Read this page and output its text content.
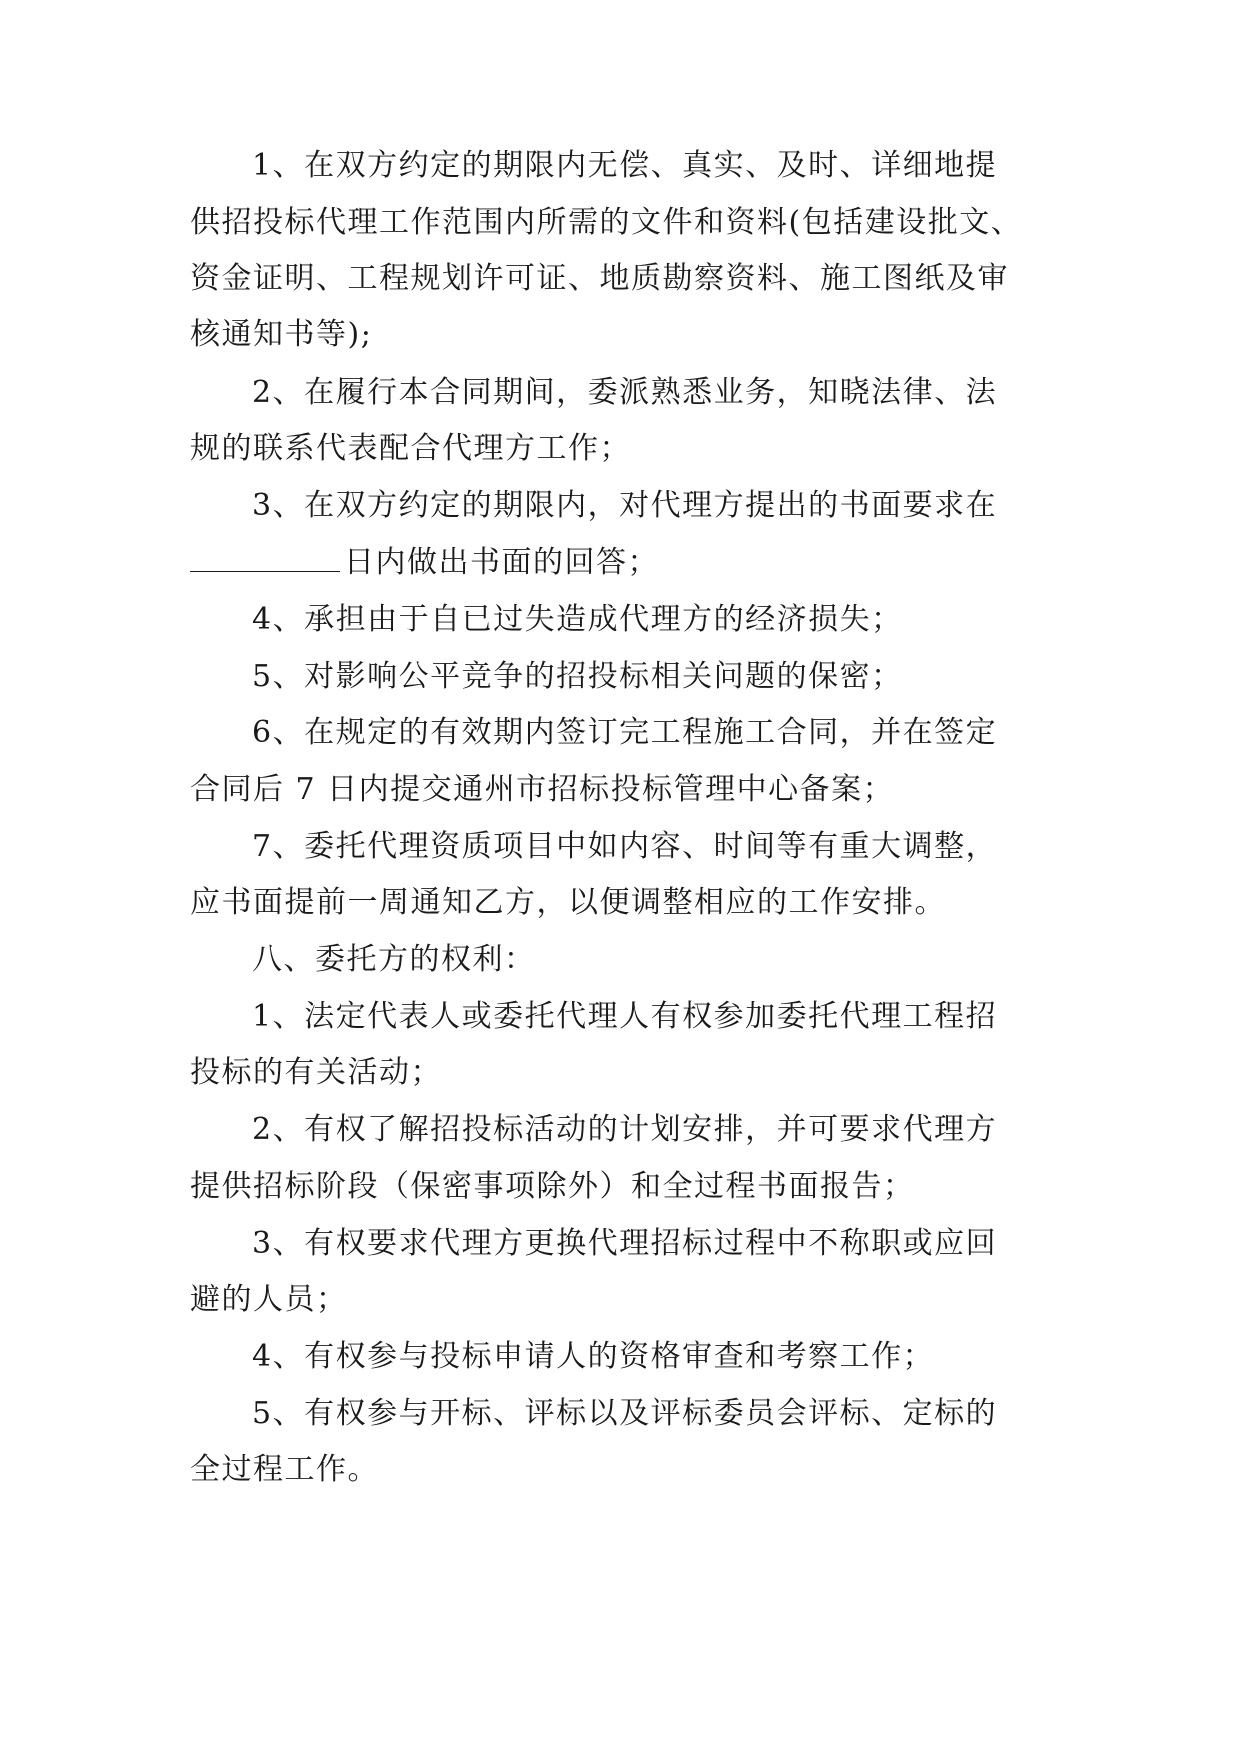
1、在双方约定的期限内无偿、真实、及时、详细地提
供招投标代理工作范围内所需的文件和资料(包括建设批文、
资金证明、工程规划许可证、地质勘察资料、施工图纸及审
核通知书等);
2、在履行本合同期间，委派熟悉业务，知晓法律、法
规的联系代表配合代理方工作；
3、在双方约定的期限内，对代理方提出的书面要求在
日内做出书面的回答；
4、承担由于自已过失造成代理方的经济损失；
5、对影响公平竞争的招投标相关问题的保密；
6、在规定的有效期内签订完工程施工合同，并在签定
合同后 7 日内提交通州市招标投标管理中心备案；
7、委托代理资质项目中如内容、时间等有重大调整，
应书面提前一周通知乙方，以便调整相应的工作安排。
八、委托方的权利：
1、法定代表人或委托代理人有权参加委托代理工程招
投标的有关活动；
2、有权了解招投标活动的计划安排，并可要求代理方
提供招标阶段（保密事项除外）和全过程书面报告；
3、有权要求代理方更换代理招标过程中不称职或应回
避的人员；
4、有权参与投标申请人的资格审查和考察工作；
5、有权参与开标、评标以及评标委员会评标、定标的
全过程工作。
